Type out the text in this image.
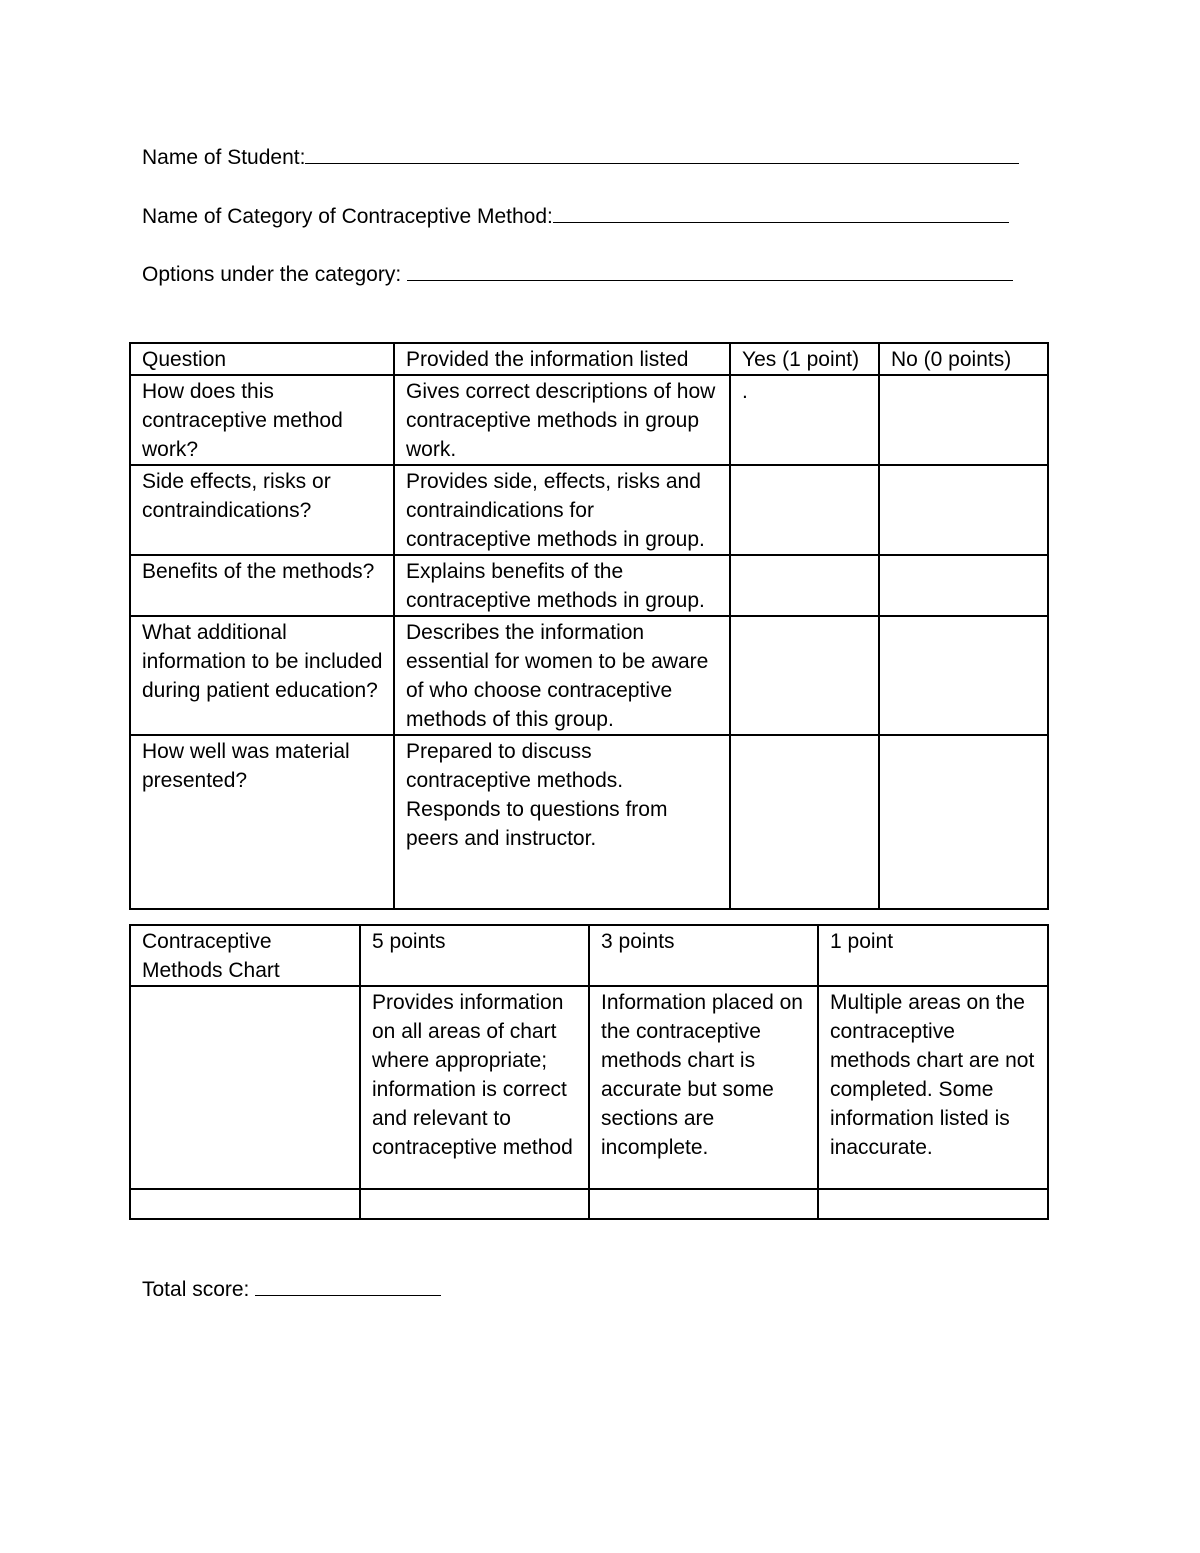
Name of Student:
Name of Category of Contraceptive Method:
Options under the category:
Question	Provided the information listed	Yes (1 point)	No (0 points)
How does this contraceptive method work?	Gives correct descriptions of how contraceptive methods in group work.	.	
Side effects, risks or contraindications?	Provides side, effects, risks and contraindications for contraceptive methods in group.		
Benefits of the methods?	Explains benefits of the contraceptive methods in group.		
What additional information to be included during patient education?	Describes the information essential for women to be aware of who choose contraceptive methods of this group.		
How well was material presented?	Prepared to discuss contraceptive methods. Responds to questions from peers and instructor.		
Contraceptive Methods Chart	5 points	3 points	1 point
	Provides information on all areas of chart where appropriate; information is correct and relevant to contraceptive method	Information placed on the contraceptive methods chart is accurate but some sections are incomplete.	Multiple areas on the contraceptive methods chart are not completed. Some information listed is inaccurate.

Total score:
